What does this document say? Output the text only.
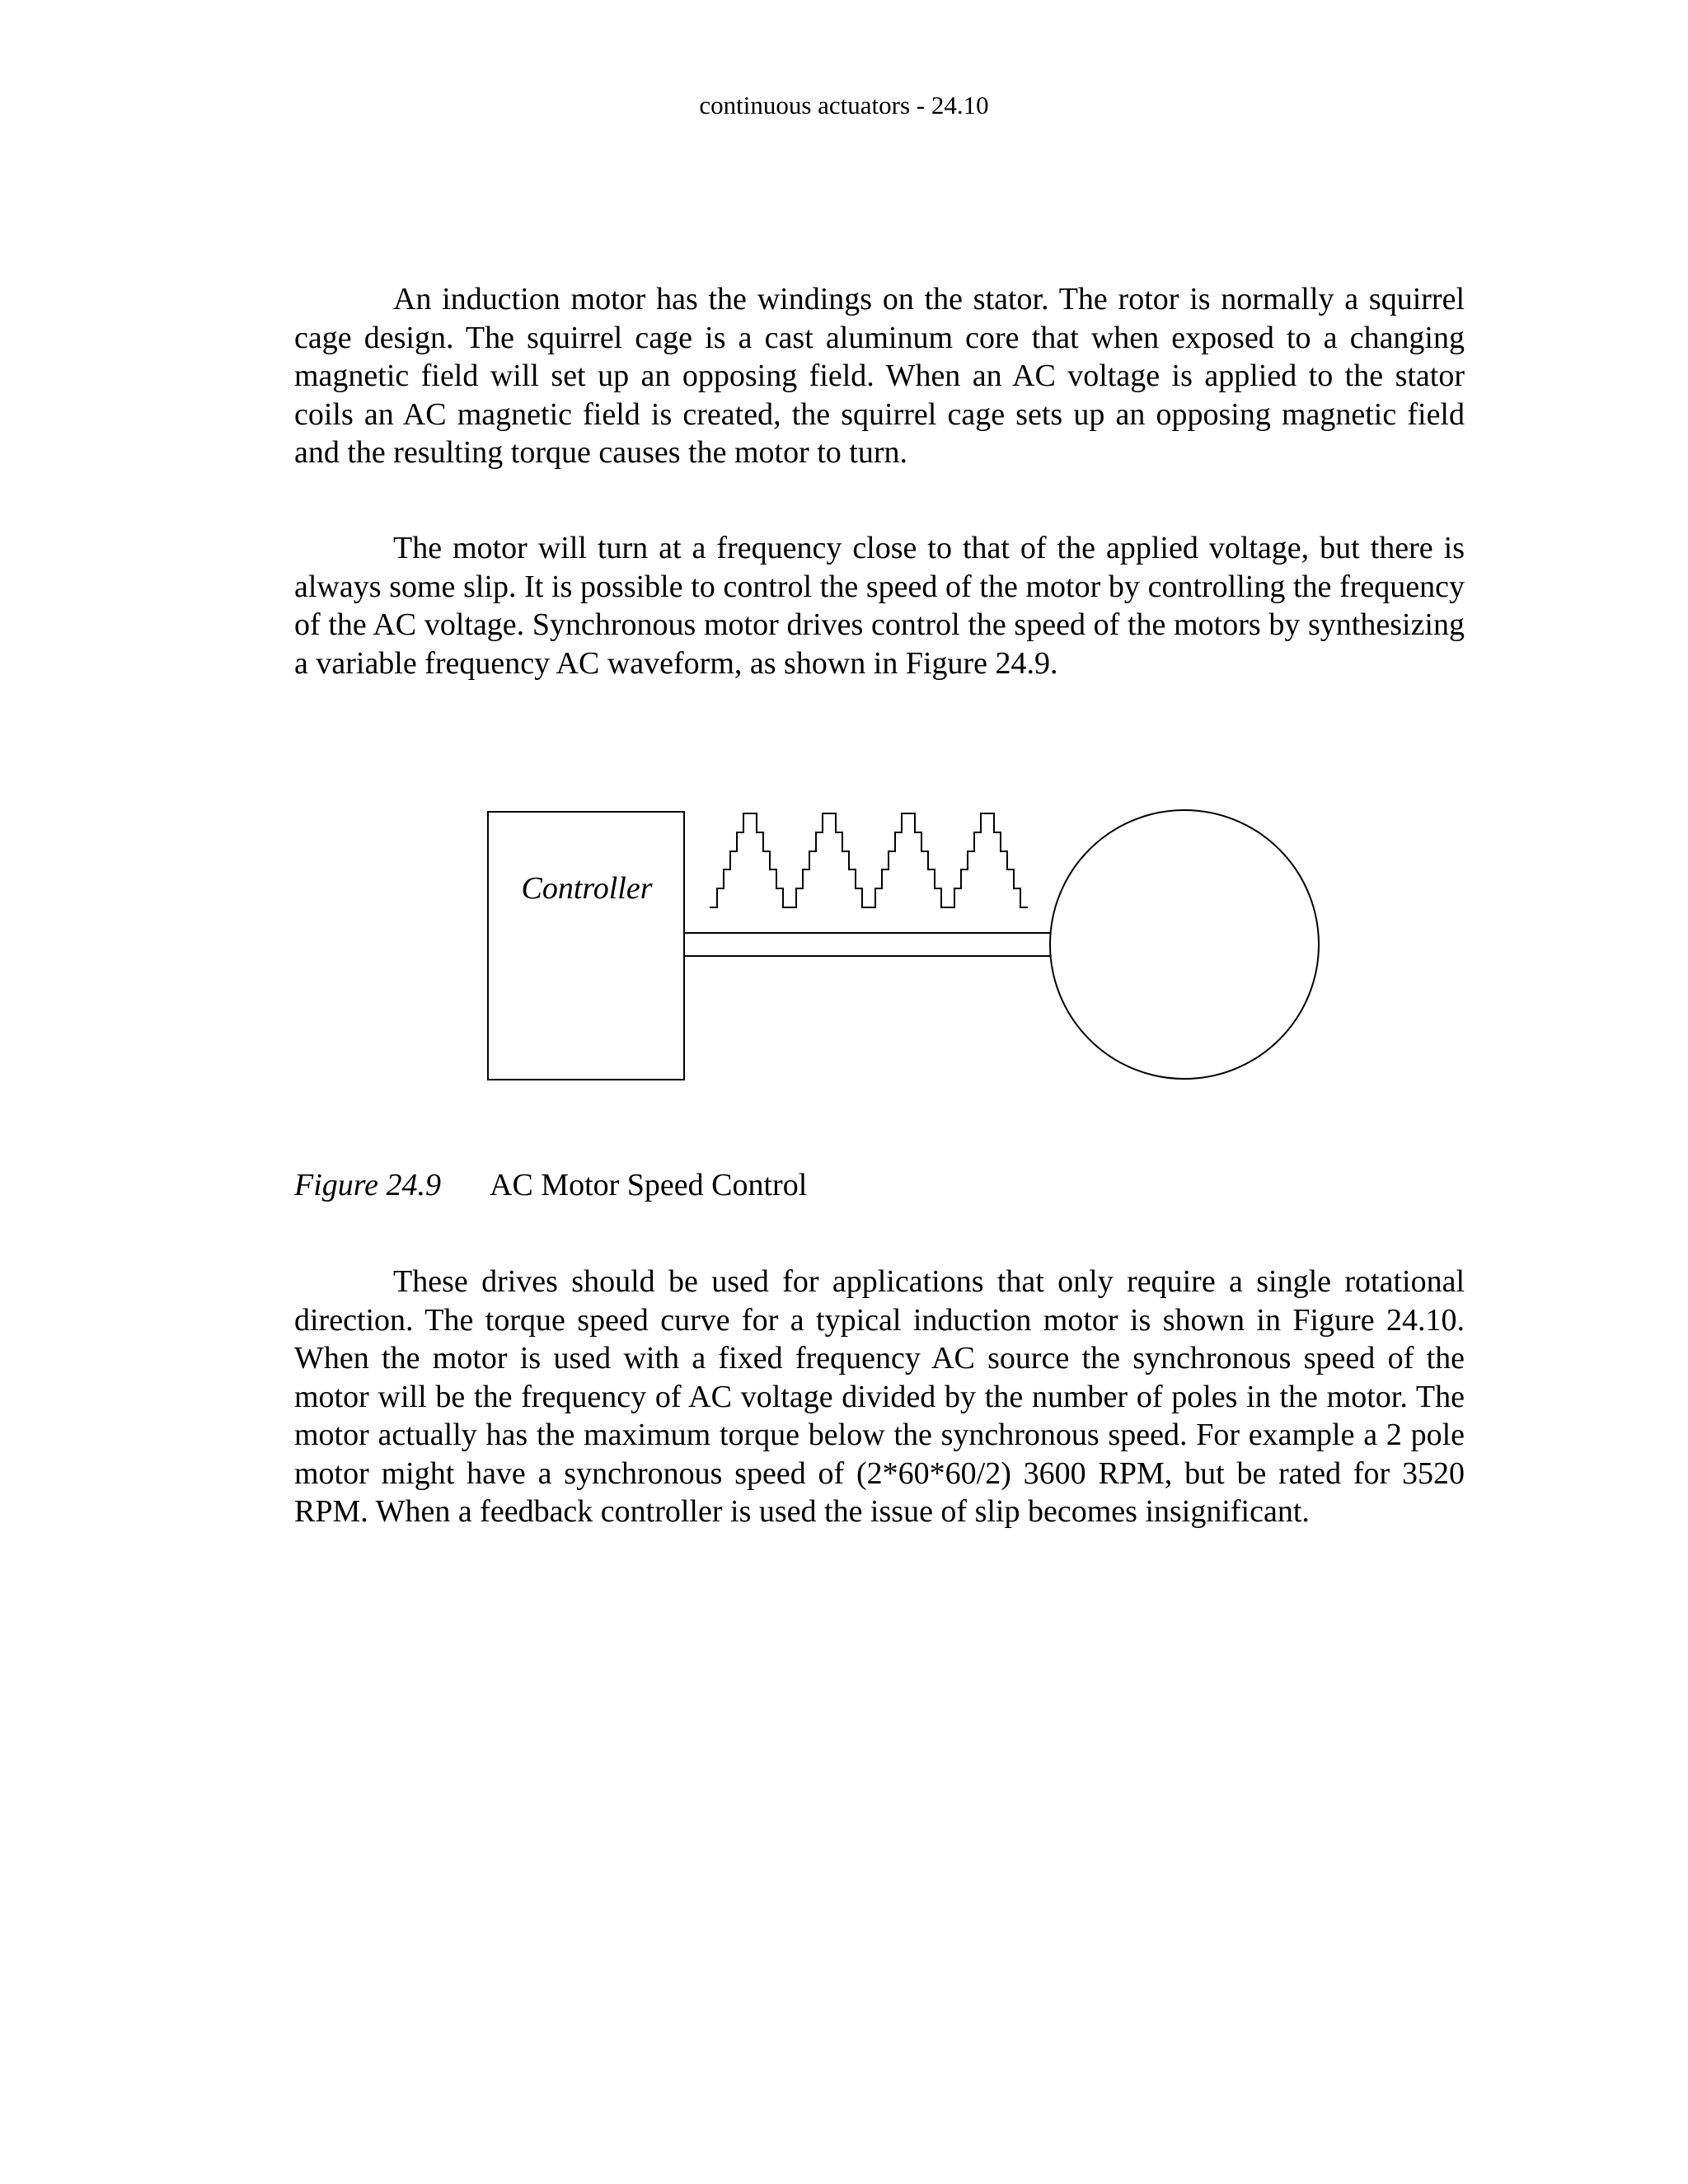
continuous actuators - 24.10

An induction motor has the windings on the stator. The rotor is normally a squirrel cage design. The squirrel cage is a cast aluminum core that when exposed to a changing magnetic field will set up an opposing field. When an AC voltage is applied to the stator coils an AC magnetic field is created, the squirrel cage sets up an opposing magnetic field and the resulting torque causes the motor to turn.

The motor will turn at a frequency close to that of the applied voltage, but there is always some slip. It is possible to control the speed of the motor by controlling the frequency of the AC voltage. Synchronous motor drives control the speed of the motors by synthesizing a variable frequency AC waveform, as shown in Figure 24.9.

Controller
Figure 24.9 AC Motor Speed Control

These drives should be used for applications that only require a single rotational direction. The torque speed curve for a typical induction motor is shown in Figure 24.10. When the motor is used with a fixed frequency AC source the synchronous speed of the motor will be the frequency of AC voltage divided by the number of poles in the motor. The motor actually has the maximum torque below the synchronous speed. For example a 2 pole motor might have a synchronous speed of (2*60*60/2) 3600 RPM, but be rated for 3520 RPM. When a feedback controller is used the issue of slip becomes insignificant.
